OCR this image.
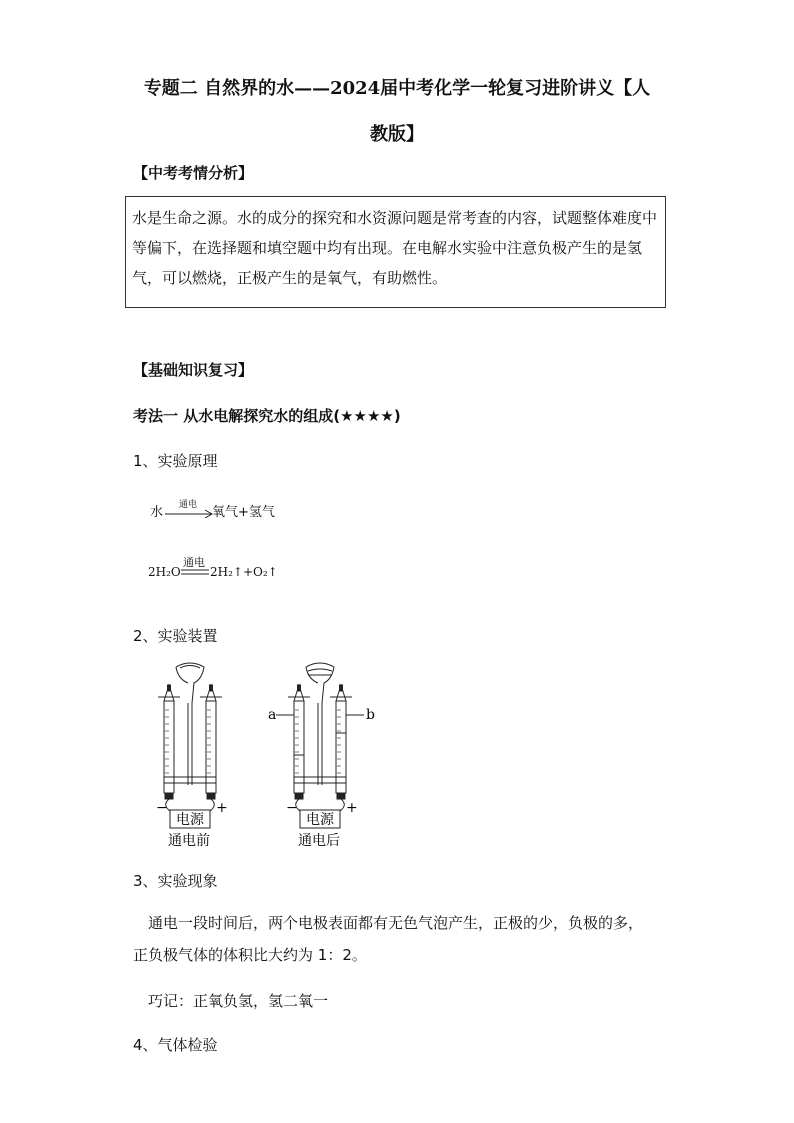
专题二 自然界的水——2024届中考化学一轮复习进阶讲义【人
教版】
【中考考情分析】
水是生命之源。水的成分的探究和水资源问题是常考查的内容，试题整体难度中等偏下，在选择题和填空题中均有出现。在电解水实验中注意负极产生的是氢气，可以燃烧，正极产生的是氧气，有助燃性。
【基础知识复习】
考法一 从水电解探究水的组成(★★★★)
1、实验原理
水 通电 氧气+氢气
2H₂O
通电
2H₂↑+O₂↑
2、实验装置
−	+
电源
通电前
−	+
电源
通电后
a	b
3、实验现象
通电一段时间后，两个电极表面都有无色气泡产生，正极的少，负极的多，
正负极气体的体积比大约为 1：2。
巧记：正氧负氢，氢二氧一
4、气体检验
